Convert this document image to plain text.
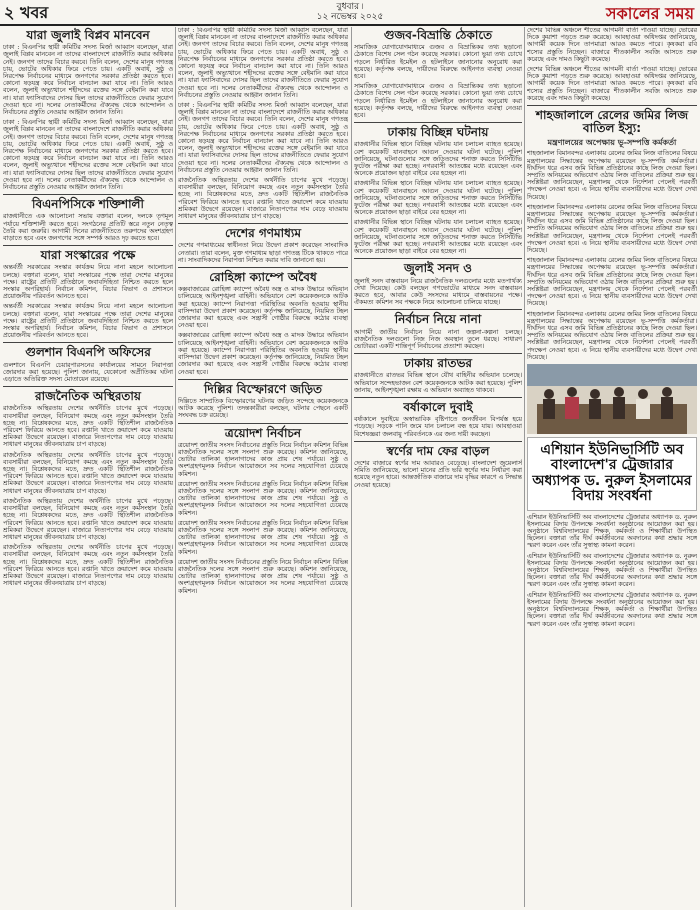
২ খবর	বুধবার ৷
১২ নভেম্বর ২০২৫	সকালের সময়
যারা জুলাই বিপ্লব মানবেন

ঢাকা : বিএনপির স্থায়ী কমিটির সদস্য মির্জা আব্বাস বলেছেন, যারা জুলাই বিপ্লব মানবেন না তাদের বাংলাদেশে রাজনীতি করার অধিকার নেই। জনগণ তাদের বিচার করবে। তিনি বলেন, দেশের মানুষ গণতন্ত্র চায়, ভোটের অধিকার ফিরে পেতে চায়। একটি অবাধ, সুষ্ঠু ও নিরপেক্ষ নির্বাচনের মাধ্যমে জনগণের সরকার প্রতিষ্ঠা করতে হবে। কোনো ষড়যন্ত্র করে নির্বাচন বানচাল করা যাবে না। তিনি আরও বলেন, জুলাই অভ্যুত্থানে শহীদদের রক্তের সঙ্গে বেইমানি করা যাবে না। যারা ফ্যাসিবাদের দোসর ছিল তাদের রাজনীতিতে ফেরার সুযোগ দেওয়া হবে না। দলের নেতাকর্মীদের ঐক্যবদ্ধ থেকে আন্দোলন ও নির্বাচনের প্রস্তুতি নেওয়ার আহ্বান জানান তিনি।

ঢাকা : বিএনপির স্থায়ী কমিটির সদস্য মির্জা আব্বাস বলেছেন, যারা জুলাই বিপ্লব মানবেন না তাদের বাংলাদেশে রাজনীতি করার অধিকার নেই। জনগণ তাদের বিচার করবে। তিনি বলেন, দেশের মানুষ গণতন্ত্র চায়, ভোটের অধিকার ফিরে পেতে চায়। একটি অবাধ, সুষ্ঠু ও নিরপেক্ষ নির্বাচনের মাধ্যমে জনগণের সরকার প্রতিষ্ঠা করতে হবে। কোনো ষড়যন্ত্র করে নির্বাচন বানচাল করা যাবে না। তিনি আরও বলেন, জুলাই অভ্যুত্থানে শহীদদের রক্তের সঙ্গে বেইমানি করা যাবে না। যারা ফ্যাসিবাদের দোসর ছিল তাদের রাজনীতিতে ফেরার সুযোগ দেওয়া হবে না। দলের নেতাকর্মীদের ঐক্যবদ্ধ থেকে আন্দোলন ও নির্বাচনের প্রস্তুতি নেওয়ার আহ্বান জানান তিনি।

বিএনপিসিকে শক্তিশালী

রাজধানীতে এক আলোচনা সভায় বক্তারা বলেন, দলকে তৃণমূল পর্যায়ে শক্তিশালী করতে হবে। সংগঠনের প্রতিটি স্তরে নতুন নেতৃত্ব তৈরি করা জরুরি। আগামী দিনের রাজনীতিতে তরুণদের অংশগ্রহণ বাড়াতে হবে এবং জনগণের সঙ্গে সম্পর্ক আরও দৃঢ় করতে হবে।

যারা সংস্কারের পক্ষে

অন্তর্বর্তী সরকারের সংস্কার কার্যক্রম নিয়ে নানা মহলে আলোচনা চলছে। বক্তারা বলেন, যারা সংস্কারের পক্ষে তারা দেশের মানুষের পক্ষে। রাষ্ট্রের প্রতিটি প্রতিষ্ঠানে জবাবদিহিতা নিশ্চিত করতে হলে সংস্কার অপরিহার্য। নির্বাচন কমিশন, বিচার বিভাগ ও প্রশাসনে প্রয়োজনীয় পরিবর্তন আনতে হবে।

অন্তর্বর্তী সরকারের সংস্কার কার্যক্রম নিয়ে নানা মহলে আলোচনা চলছে। বক্তারা বলেন, যারা সংস্কারের পক্ষে তারা দেশের মানুষের পক্ষে। রাষ্ট্রের প্রতিটি প্রতিষ্ঠানে জবাবদিহিতা নিশ্চিত করতে হলে সংস্কার অপরিহার্য। নির্বাচন কমিশন, বিচার বিভাগ ও প্রশাসনে প্রয়োজনীয় পরিবর্তন আনতে হবে।

গুলশান বিএনপি অফিসের

গুলশানে বিএনপি চেয়ারপারসনের কার্যালয়ের সামনে নিরাপত্তা জোরদার করা হয়েছে। পুলিশ জানায়, যেকোনো অপ্রীতিকর ঘটনা এড়াতে অতিরিক্ত সদস্য মোতায়েন রয়েছে।

রাজনৈতিক অস্থিরতায়

রাজনৈতিক অস্থিরতায় দেশের অর্থনীতি চাপের মুখে পড়েছে। ব্যবসায়ীরা বলছেন, বিনিয়োগ কমছে এবং নতুন কর্মসংস্থান তৈরি হচ্ছে না। বিশ্লেষকদের মতে, দ্রুত একটি স্থিতিশীল রাজনৈতিক পরিবেশ ফিরিয়ে আনতে হবে। রপ্তানি খাতে ক্রয়াদেশ কমে যাওয়ায় শ্রমিকরা উদ্বেগে রয়েছেন। বাজারে নিত্যপণ্যের দাম বেড়ে যাওয়ায় সাধারণ মানুষের জীবনযাত্রায় চাপ বাড়ছে।

রাজনৈতিক অস্থিরতায় দেশের অর্থনীতি চাপের মুখে পড়েছে। ব্যবসায়ীরা বলছেন, বিনিয়োগ কমছে এবং নতুন কর্মসংস্থান তৈরি হচ্ছে না। বিশ্লেষকদের মতে, দ্রুত একটি স্থিতিশীল রাজনৈতিক পরিবেশ ফিরিয়ে আনতে হবে। রপ্তানি খাতে ক্রয়াদেশ কমে যাওয়ায় শ্রমিকরা উদ্বেগে রয়েছেন। বাজারে নিত্যপণ্যের দাম বেড়ে যাওয়ায় সাধারণ মানুষের জীবনযাত্রায় চাপ বাড়ছে।

রাজনৈতিক অস্থিরতায় দেশের অর্থনীতি চাপের মুখে পড়েছে। ব্যবসায়ীরা বলছেন, বিনিয়োগ কমছে এবং নতুন কর্মসংস্থান তৈরি হচ্ছে না। বিশ্লেষকদের মতে, দ্রুত একটি স্থিতিশীল রাজনৈতিক পরিবেশ ফিরিয়ে আনতে হবে। রপ্তানি খাতে ক্রয়াদেশ কমে যাওয়ায় শ্রমিকরা উদ্বেগে রয়েছেন। বাজারে নিত্যপণ্যের দাম বেড়ে যাওয়ায় সাধারণ মানুষের জীবনযাত্রায় চাপ বাড়ছে।

রাজনৈতিক অস্থিরতায় দেশের অর্থনীতি চাপের মুখে পড়েছে। ব্যবসায়ীরা বলছেন, বিনিয়োগ কমছে এবং নতুন কর্মসংস্থান তৈরি হচ্ছে না। বিশ্লেষকদের মতে, দ্রুত একটি স্থিতিশীল রাজনৈতিক পরিবেশ ফিরিয়ে আনতে হবে। রপ্তানি খাতে ক্রয়াদেশ কমে যাওয়ায় শ্রমিকরা উদ্বেগে রয়েছেন। বাজারে নিত্যপণ্যের দাম বেড়ে যাওয়ায় সাধারণ মানুষের জীবনযাত্রায় চাপ বাড়ছে।

ঢাকা : বিএনপির স্থায়ী কমিটির সদস্য মির্জা আব্বাস বলেছেন, যারা জুলাই বিপ্লব মানবেন না তাদের বাংলাদেশে রাজনীতি করার অধিকার নেই। জনগণ তাদের বিচার করবে। তিনি বলেন, দেশের মানুষ গণতন্ত্র চায়, ভোটের অধিকার ফিরে পেতে চায়। একটি অবাধ, সুষ্ঠু ও নিরপেক্ষ নির্বাচনের মাধ্যমে জনগণের সরকার প্রতিষ্ঠা করতে হবে। কোনো ষড়যন্ত্র করে নির্বাচন বানচাল করা যাবে না। তিনি আরও বলেন, জুলাই অভ্যুত্থানে শহীদদের রক্তের সঙ্গে বেইমানি করা যাবে না। যারা ফ্যাসিবাদের দোসর ছিল তাদের রাজনীতিতে ফেরার সুযোগ দেওয়া হবে না। দলের নেতাকর্মীদের ঐক্যবদ্ধ থেকে আন্দোলন ও নির্বাচনের প্রস্তুতি নেওয়ার আহ্বান জানান তিনি।

ঢাকা : বিএনপির স্থায়ী কমিটির সদস্য মির্জা আব্বাস বলেছেন, যারা জুলাই বিপ্লব মানবেন না তাদের বাংলাদেশে রাজনীতি করার অধিকার নেই। জনগণ তাদের বিচার করবে। তিনি বলেন, দেশের মানুষ গণতন্ত্র চায়, ভোটের অধিকার ফিরে পেতে চায়। একটি অবাধ, সুষ্ঠু ও নিরপেক্ষ নির্বাচনের মাধ্যমে জনগণের সরকার প্রতিষ্ঠা করতে হবে। কোনো ষড়যন্ত্র করে নির্বাচন বানচাল করা যাবে না। তিনি আরও বলেন, জুলাই অভ্যুত্থানে শহীদদের রক্তের সঙ্গে বেইমানি করা যাবে না। যারা ফ্যাসিবাদের দোসর ছিল তাদের রাজনীতিতে ফেরার সুযোগ দেওয়া হবে না। দলের নেতাকর্মীদের ঐক্যবদ্ধ থেকে আন্দোলন ও নির্বাচনের প্রস্তুতি নেওয়ার আহ্বান জানান তিনি।

রাজনৈতিক অস্থিরতায় দেশের অর্থনীতি চাপের মুখে পড়েছে। ব্যবসায়ীরা বলছেন, বিনিয়োগ কমছে এবং নতুন কর্মসংস্থান তৈরি হচ্ছে না। বিশ্লেষকদের মতে, দ্রুত একটি স্থিতিশীল রাজনৈতিক পরিবেশ ফিরিয়ে আনতে হবে। রপ্তানি খাতে ক্রয়াদেশ কমে যাওয়ায় শ্রমিকরা উদ্বেগে রয়েছেন। বাজারে নিত্যপণ্যের দাম বেড়ে যাওয়ায় সাধারণ মানুষের জীবনযাত্রায় চাপ বাড়ছে।

দেশের গণমাধ্যম

দেশের গণমাধ্যমের স্বাধীনতা নিয়ে উদ্বেগ প্রকাশ করেছেন সাংবাদিক নেতারা। তারা বলেন, মুক্ত গণমাধ্যম ছাড়া গণতন্ত্র টিকে থাকতে পারে না। সাংবাদিকদের নিরাপত্তা নিশ্চিত করার দাবি জানানো হয়।

রোহিঙ্গা ক্যাম্পে অবৈধ

কক্সবাজারের রোহিঙ্গা ক্যাম্পে অবৈধ অস্ত্র ও মাদক উদ্ধারে অভিযান চালিয়েছে আইনশৃঙ্খলা বাহিনী। অভিযানে বেশ কয়েকজনকে আটক করা হয়েছে। ক্যাম্পে নিরাপত্তা পরিস্থিতির অবনতি হওয়ায় স্থানীয় বাসিন্দারা উদ্বেগ প্রকাশ করেছেন। কর্তৃপক্ষ জানিয়েছে, নিয়মিত টহল জোরদার করা হয়েছে এবং সন্ত্রাসী গোষ্ঠীর বিরুদ্ধে কঠোর ব্যবস্থা নেওয়া হবে।

কক্সবাজারের রোহিঙ্গা ক্যাম্পে অবৈধ অস্ত্র ও মাদক উদ্ধারে অভিযান চালিয়েছে আইনশৃঙ্খলা বাহিনী। অভিযানে বেশ কয়েকজনকে আটক করা হয়েছে। ক্যাম্পে নিরাপত্তা পরিস্থিতির অবনতি হওয়ায় স্থানীয় বাসিন্দারা উদ্বেগ প্রকাশ করেছেন। কর্তৃপক্ষ জানিয়েছে, নিয়মিত টহল জোরদার করা হয়েছে এবং সন্ত্রাসী গোষ্ঠীর বিরুদ্ধে কঠোর ব্যবস্থা নেওয়া হবে।

দিল্লির বিস্ফোরণে জড়িত

দিল্লিতে সাম্প্রতিক বিস্ফোরণের ঘটনায় জড়িত সন্দেহে কয়েকজনকে আটক করেছে পুলিশ। তদন্তকারীরা বলছেন, ঘটনার পেছনে একটি সংঘবদ্ধ চক্র রয়েছে।

ত্রয়োদশ নির্বাচন

ত্রয়োদশ জাতীয় সংসদ নির্বাচনের প্রস্তুতি নিয়ে নির্বাচন কমিশন বিভিন্ন রাজনৈতিক দলের সঙ্গে সংলাপ শুরু করেছে। কমিশন জানিয়েছে, ভোটার তালিকা হালনাগাদের কাজ প্রায় শেষ পর্যায়ে। সুষ্ঠু ও অংশগ্রহণমূলক নির্বাচন আয়োজনে সব দলের সহযোগিতা চেয়েছে কমিশন।

ত্রয়োদশ জাতীয় সংসদ নির্বাচনের প্রস্তুতি নিয়ে নির্বাচন কমিশন বিভিন্ন রাজনৈতিক দলের সঙ্গে সংলাপ শুরু করেছে। কমিশন জানিয়েছে, ভোটার তালিকা হালনাগাদের কাজ প্রায় শেষ পর্যায়ে। সুষ্ঠু ও অংশগ্রহণমূলক নির্বাচন আয়োজনে সব দলের সহযোগিতা চেয়েছে কমিশন।

ত্রয়োদশ জাতীয় সংসদ নির্বাচনের প্রস্তুতি নিয়ে নির্বাচন কমিশন বিভিন্ন রাজনৈতিক দলের সঙ্গে সংলাপ শুরু করেছে। কমিশন জানিয়েছে, ভোটার তালিকা হালনাগাদের কাজ প্রায় শেষ পর্যায়ে। সুষ্ঠু ও অংশগ্রহণমূলক নির্বাচন আয়োজনে সব দলের সহযোগিতা চেয়েছে কমিশন।

ত্রয়োদশ জাতীয় সংসদ নির্বাচনের প্রস্তুতি নিয়ে নির্বাচন কমিশন বিভিন্ন রাজনৈতিক দলের সঙ্গে সংলাপ শুরু করেছে। কমিশন জানিয়েছে, ভোটার তালিকা হালনাগাদের কাজ প্রায় শেষ পর্যায়ে। সুষ্ঠু ও অংশগ্রহণমূলক নির্বাচন আয়োজনে সব দলের সহযোগিতা চেয়েছে কমিশন।

গুজব-বিভ্রান্তি ঠেকাতে

সামাজিক যোগাযোগমাধ্যমে গুজব ও বিভ্রান্তিকর তথ্য ছড়ানো ঠেকাতে বিশেষ সেল গঠন করেছে সরকার। কোনো ভুয়া তথ্য চোখে পড়লে নির্ধারিত ইমেইল ও হটলাইনে জানানোর অনুরোধ করা হয়েছে। কর্তৃপক্ষ বলছে, দায়ীদের বিরুদ্ধে আইনগত ব্যবস্থা নেওয়া হবে।

সামাজিক যোগাযোগমাধ্যমে গুজব ও বিভ্রান্তিকর তথ্য ছড়ানো ঠেকাতে বিশেষ সেল গঠন করেছে সরকার। কোনো ভুয়া তথ্য চোখে পড়লে নির্ধারিত ইমেইল ও হটলাইনে জানানোর অনুরোধ করা হয়েছে। কর্তৃপক্ষ বলছে, দায়ীদের বিরুদ্ধে আইনগত ব্যবস্থা নেওয়া হবে।

ঢাকায় বিচ্ছিন্ন ঘটনায়

রাজধানীর বিভিন্ন স্থানে বিচ্ছিন্ন ঘটনায় যান চলাচল ব্যাহত হয়েছে। বেশ কয়েকটি যানবাহনে আগুন দেওয়ার ঘটনা ঘটেছে। পুলিশ জানিয়েছে, ঘটনাগুলোর সঙ্গে জড়িতদের শনাক্ত করতে সিসিটিভি ফুটেজ পরীক্ষা করা হচ্ছে। নগরবাসী আতঙ্কের মধ্যে রয়েছেন এবং অনেকে প্রয়োজন ছাড়া বাইরে বের হচ্ছেন না।

রাজধানীর বিভিন্ন স্থানে বিচ্ছিন্ন ঘটনায় যান চলাচল ব্যাহত হয়েছে। বেশ কয়েকটি যানবাহনে আগুন দেওয়ার ঘটনা ঘটেছে। পুলিশ জানিয়েছে, ঘটনাগুলোর সঙ্গে জড়িতদের শনাক্ত করতে সিসিটিভি ফুটেজ পরীক্ষা করা হচ্ছে। নগরবাসী আতঙ্কের মধ্যে রয়েছেন এবং অনেকে প্রয়োজন ছাড়া বাইরে বের হচ্ছেন না।

রাজধানীর বিভিন্ন স্থানে বিচ্ছিন্ন ঘটনায় যান চলাচল ব্যাহত হয়েছে। বেশ কয়েকটি যানবাহনে আগুন দেওয়ার ঘটনা ঘটেছে। পুলিশ জানিয়েছে, ঘটনাগুলোর সঙ্গে জড়িতদের শনাক্ত করতে সিসিটিভি ফুটেজ পরীক্ষা করা হচ্ছে। নগরবাসী আতঙ্কের মধ্যে রয়েছেন এবং অনেকে প্রয়োজন ছাড়া বাইরে বের হচ্ছেন না।

জুলাই সনদ ও

জুলাই সনদ বাস্তবায়ন নিয়ে রাজনৈতিক দলগুলোর মধ্যে মতপার্থক্য দেখা দিয়েছে। কেউ বলছেন গণভোটের মাধ্যমে সনদ বাস্তবায়ন করতে হবে, আবার কেউ সংসদের মাধ্যমে বাস্তবায়নের পক্ষে। ঐকমত্য কমিশন সব পক্ষকে নিয়ে আলোচনা চালিয়ে যাচ্ছে।

নির্বাচন নিয়ে নানা

আগামী জাতীয় নির্বাচন নিয়ে নানা জল্পনা-কল্পনা চলছে। রাজনৈতিক দলগুলো নিজ নিজ অবস্থান তুলে ধরছে। সাধারণ ভোটাররা একটি শান্তিপূর্ণ নির্বাচনের প্রত্যাশা করছেন।

ঢাকায় রাতভর

রাজধানীতে রাতভর বিভিন্ন স্থানে যৌথ বাহিনীর অভিযান চলেছে। অভিযানে সন্দেহভাজন বেশ কয়েকজনকে আটক করা হয়েছে। পুলিশ জানায়, আইনশৃঙ্খলা রক্ষায় এ অভিযান অব্যাহত থাকবে।

বর্ষাকালে দুবাই

বর্ষাকালে দুবাইয়ে অস্বাভাবিক বৃষ্টিপাতে জনজীবন বিপর্যস্ত হয়ে পড়েছে। সড়কে পানি জমে যান চলাচল বন্ধ হয়ে যায়। আবহাওয়া বিশেষজ্ঞরা জলবায়ু পরিবর্তনকে এর জন্য দায়ী করছেন।

স্বর্ণের দাম ফের বাড়ল

দেশের বাজারে স্বর্ণের দাম আবারও বেড়েছে। বাংলাদেশ জুয়েলার্স সমিতি জানিয়েছে, ভালো মানের প্রতি ভরি স্বর্ণের দাম নির্ধারণ করা হয়েছে নতুন হারে। আন্তর্জাতিক বাজারে দাম বৃদ্ধির কারণে এ সিদ্ধান্ত নেওয়া হয়েছে।

দেশের বিভিন্ন অঞ্চলে শীতের আগমনী বার্তা পাওয়া যাচ্ছে। ভোরের দিকে কুয়াশা পড়তে শুরু করেছে। আবহাওয়া অধিদপ্তর জানিয়েছে, আগামী কয়েক দিনে তাপমাত্রা আরও কমতে পারে। কৃষকরা রবি শস্যের প্রস্তুতি নিচ্ছেন। বাজারে শীতকালীন সবজি আসতে শুরু করেছে এবং দামও কিছুটা কমেছে।

দেশের বিভিন্ন অঞ্চলে শীতের আগমনী বার্তা পাওয়া যাচ্ছে। ভোরের দিকে কুয়াশা পড়তে শুরু করেছে। আবহাওয়া অধিদপ্তর জানিয়েছে, আগামী কয়েক দিনে তাপমাত্রা আরও কমতে পারে। কৃষকরা রবি শস্যের প্রস্তুতি নিচ্ছেন। বাজারে শীতকালীন সবজি আসতে শুরু করেছে এবং দামও কিছুটা কমেছে।

শাহজালালে রেলের জমির লিজ বাতিল ইস্যু:
মন্ত্রণালয়ের অপেক্ষায় ভূ-সম্পত্তি কর্মকর্তা

শাহজালাল বিমানবন্দর এলাকায় রেলের জমির লিজ বাতিলের বিষয়ে মন্ত্রণালয়ের সিদ্ধান্তের অপেক্ষায় রয়েছেন ভূ-সম্পত্তি কর্মকর্তারা। দীর্ঘদিন ধরে এসব জমি বিভিন্ন প্রতিষ্ঠানের কাছে লিজ দেওয়া ছিল। সম্প্রতি অনিয়মের অভিযোগ ওঠায় লিজ বাতিলের প্রক্রিয়া শুরু হয়। সংশ্লিষ্টরা জানিয়েছেন, মন্ত্রণালয় থেকে নির্দেশনা পেলেই পরবর্তী পদক্ষেপ নেওয়া হবে। এ নিয়ে স্থানীয় ব্যবসায়ীদের মধ্যে উদ্বেগ দেখা দিয়েছে।

শাহজালাল বিমানবন্দর এলাকায় রেলের জমির লিজ বাতিলের বিষয়ে মন্ত্রণালয়ের সিদ্ধান্তের অপেক্ষায় রয়েছেন ভূ-সম্পত্তি কর্মকর্তারা। দীর্ঘদিন ধরে এসব জমি বিভিন্ন প্রতিষ্ঠানের কাছে লিজ দেওয়া ছিল। সম্প্রতি অনিয়মের অভিযোগ ওঠায় লিজ বাতিলের প্রক্রিয়া শুরু হয়। সংশ্লিষ্টরা জানিয়েছেন, মন্ত্রণালয় থেকে নির্দেশনা পেলেই পরবর্তী পদক্ষেপ নেওয়া হবে। এ নিয়ে স্থানীয় ব্যবসায়ীদের মধ্যে উদ্বেগ দেখা দিয়েছে।

শাহজালাল বিমানবন্দর এলাকায় রেলের জমির লিজ বাতিলের বিষয়ে মন্ত্রণালয়ের সিদ্ধান্তের অপেক্ষায় রয়েছেন ভূ-সম্পত্তি কর্মকর্তারা। দীর্ঘদিন ধরে এসব জমি বিভিন্ন প্রতিষ্ঠানের কাছে লিজ দেওয়া ছিল। সম্প্রতি অনিয়মের অভিযোগ ওঠায় লিজ বাতিলের প্রক্রিয়া শুরু হয়। সংশ্লিষ্টরা জানিয়েছেন, মন্ত্রণালয় থেকে নির্দেশনা পেলেই পরবর্তী পদক্ষেপ নেওয়া হবে। এ নিয়ে স্থানীয় ব্যবসায়ীদের মধ্যে উদ্বেগ দেখা দিয়েছে।

শাহজালাল বিমানবন্দর এলাকায় রেলের জমির লিজ বাতিলের বিষয়ে মন্ত্রণালয়ের সিদ্ধান্তের অপেক্ষায় রয়েছেন ভূ-সম্পত্তি কর্মকর্তারা। দীর্ঘদিন ধরে এসব জমি বিভিন্ন প্রতিষ্ঠানের কাছে লিজ দেওয়া ছিল। সম্প্রতি অনিয়মের অভিযোগ ওঠায় লিজ বাতিলের প্রক্রিয়া শুরু হয়। সংশ্লিষ্টরা জানিয়েছেন, মন্ত্রণালয় থেকে নির্দেশনা পেলেই পরবর্তী পদক্ষেপ নেওয়া হবে। এ নিয়ে স্থানীয় ব্যবসায়ীদের মধ্যে উদ্বেগ দেখা দিয়েছে।

এশিয়ান ইউনিভার্সিটি অব বাংলাদেশ'র ট্রেজারার অধ্যাপক ড. নুরুল ইসলামের বিদায় সংবর্ধনা

এশিয়ান ইউনিভার্সিটি অব বাংলাদেশের ট্রেজারার অধ্যাপক ড. নুরুল ইসলামের বিদায় উপলক্ষে সংবর্ধনা অনুষ্ঠানের আয়োজন করা হয়। অনুষ্ঠানে বিশ্ববিদ্যালয়ের শিক্ষক, কর্মকর্তা ও শিক্ষার্থীরা উপস্থিত ছিলেন। বক্তারা তাঁর দীর্ঘ কর্মজীবনের অবদানের কথা শ্রদ্ধার সঙ্গে স্মরণ করেন এবং তাঁর সুস্বাস্থ্য কামনা করেন।

এশিয়ান ইউনিভার্সিটি অব বাংলাদেশের ট্রেজারার অধ্যাপক ড. নুরুল ইসলামের বিদায় উপলক্ষে সংবর্ধনা অনুষ্ঠানের আয়োজন করা হয়। অনুষ্ঠানে বিশ্ববিদ্যালয়ের শিক্ষক, কর্মকর্তা ও শিক্ষার্থীরা উপস্থিত ছিলেন। বক্তারা তাঁর দীর্ঘ কর্মজীবনের অবদানের কথা শ্রদ্ধার সঙ্গে স্মরণ করেন এবং তাঁর সুস্বাস্থ্য কামনা করেন।

এশিয়ান ইউনিভার্সিটি অব বাংলাদেশের ট্রেজারার অধ্যাপক ড. নুরুল ইসলামের বিদায় উপলক্ষে সংবর্ধনা অনুষ্ঠানের আয়োজন করা হয়। অনুষ্ঠানে বিশ্ববিদ্যালয়ের শিক্ষক, কর্মকর্তা ও শিক্ষার্থীরা উপস্থিত ছিলেন। বক্তারা তাঁর দীর্ঘ কর্মজীবনের অবদানের কথা শ্রদ্ধার সঙ্গে স্মরণ করেন এবং তাঁর সুস্বাস্থ্য কামনা করেন।
